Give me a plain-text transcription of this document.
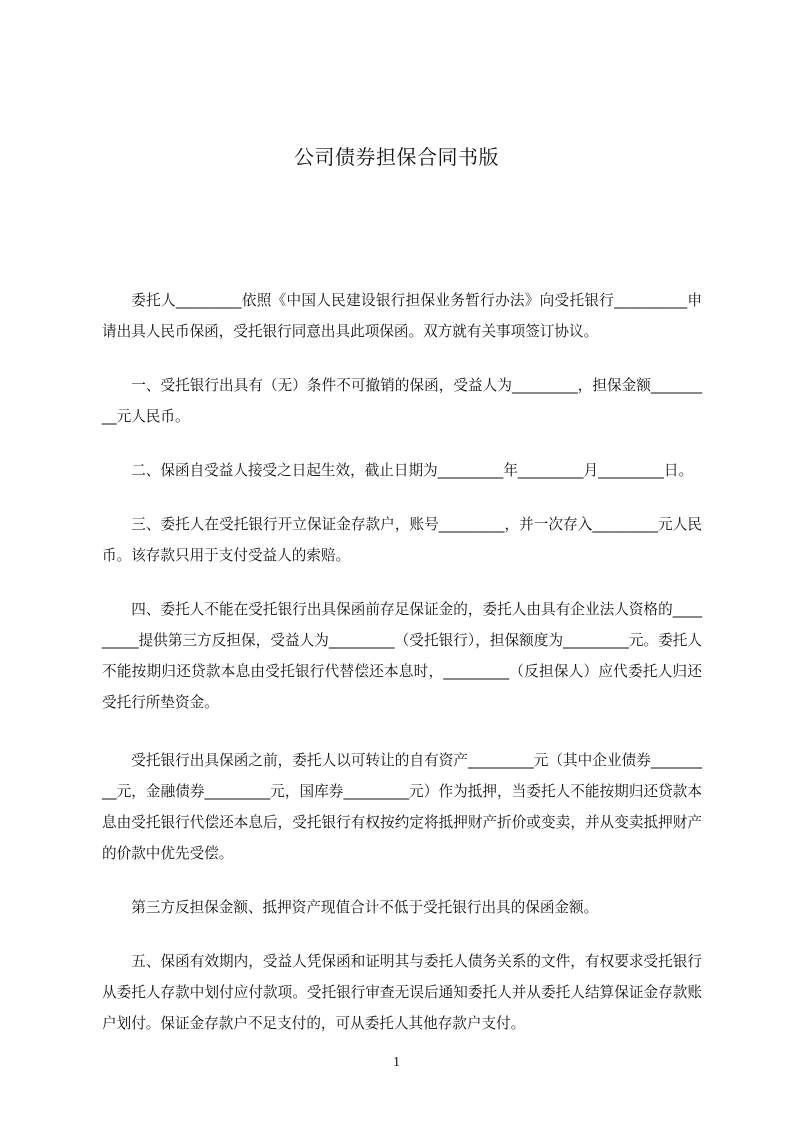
公司债券担保合同书版

委托人_________依照《中国人民建设银行担保业务暂行办法》向受托银行__________申请出具人民币保函，受托银行同意出具此项保函。双方就有关事项签订协议。

一、受托银行出具有（无）条件不可撤销的保函，受益人为_________，担保金额_________元人民币。

二、保函自受益人接受之日起生效，截止日期为_________年_________月_________日。

三、委托人在受托银行开立保证金存款户，账号_________，并一次存入_________元人民币。该存款只用于支付受益人的索赔。

四、委托人不能在受托银行出具保函前存足保证金的，委托人由具有企业法人资格的_________提供第三方反担保，受益人为_________（受托银行），担保额度为_________元。委托人不能按期归还贷款本息由受托银行代替偿还本息时，_________（反担保人）应代委托人归还受托行所垫资金。

受托银行出具保函之前，委托人以可转让的自有资产_________元（其中企业债券_________元，金融债券_________元，国库券_________元）作为抵押，当委托人不能按期归还贷款本息由受托银行代偿还本息后，受托银行有权按约定将抵押财产折价或变卖，并从变卖抵押财产的价款中优先受偿。

第三方反担保金额、抵押资产现值合计不低于受托银行出具的保函金额。

五、保函有效期内，受益人凭保函和证明其与委托人债务关系的文件，有权要求受托银行从委托人存款中划付应付款项。受托银行审查无误后通知委托人并从委托人结算保证金存款账户划付。保证金存款户不足支付的，可从委托人其他存款户支付。

1
